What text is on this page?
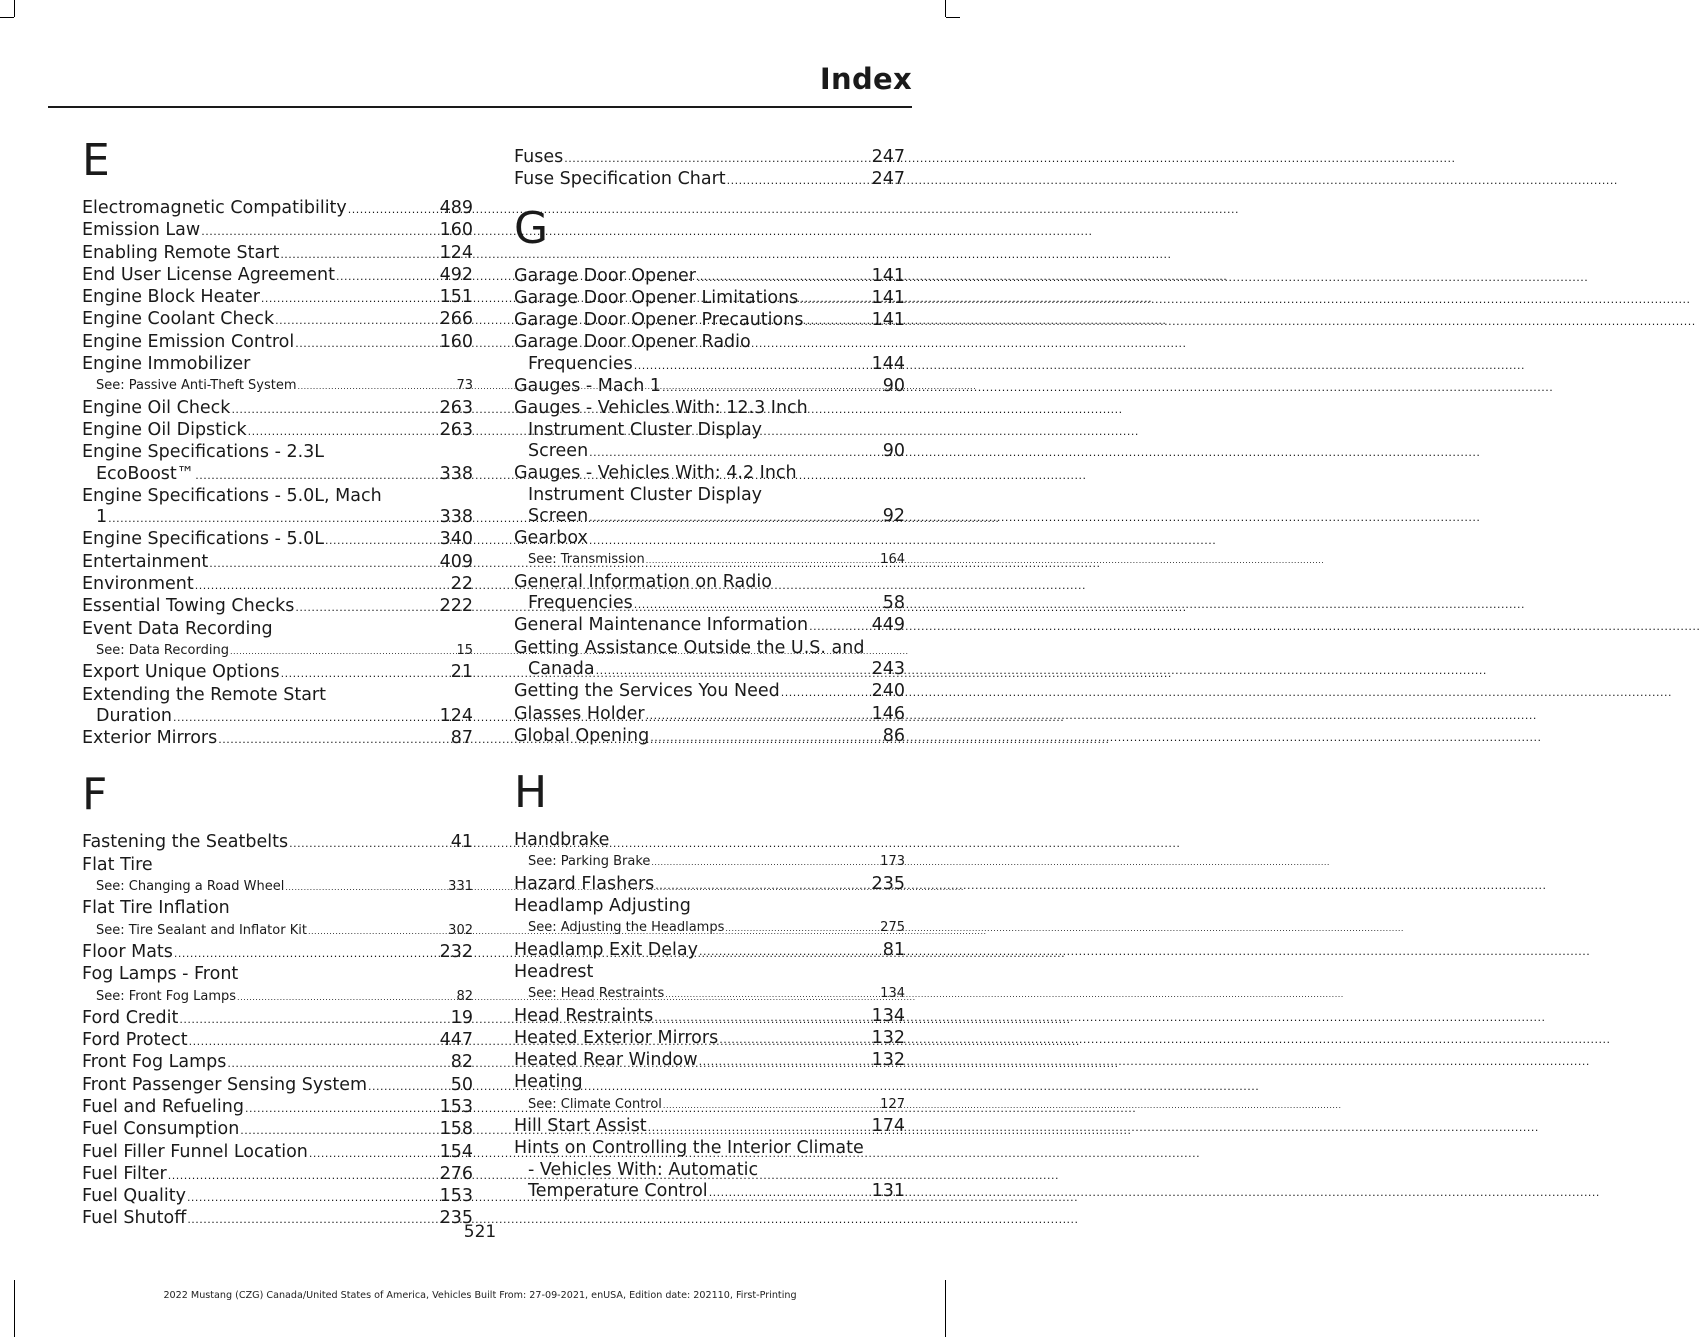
Index
E
Electromagnetic Compatibility .....	489
Emission Law .....	160
Enabling Remote Start .....	124
End User License Agreement .....	492
Engine Block Heater .....	151
Engine Coolant Check .....	266
Engine Emission Control .....	160
Engine Immobilizer
See: Passive Anti-Theft System .....	73
Engine Oil Check .....	263
Engine Oil Dipstick .....	263
Engine Specifications - 2.3L
EcoBoost™ .....	338
Engine Specifications - 5.0L, Mach
1 .....	338
Engine Specifications - 5.0L .....	340
Entertainment .....	409
Environment .....	22
Essential Towing Checks .....	222
Event Data Recording
See: Data Recording .....	15
Export Unique Options .....	21
Extending the Remote Start
Duration .....	124
Exterior Mirrors .....	87
F
Fastening the Seatbelts .....	41
Flat Tire
See: Changing a Road Wheel .....	331
Flat Tire Inflation
See: Tire Sealant and Inflator Kit .....	302
Floor Mats .....	232
Fog Lamps - Front
See: Front Fog Lamps .....	82
Ford Credit .....	19
Ford Protect .....	447
Front Fog Lamps .....	82
Front Passenger Sensing System .....	50
Fuel and Refueling .....	153
Fuel Consumption .....	158
Fuel Filler Funnel Location .....	154
Fuel Filter .....	276
Fuel Quality .....	153
Fuel Shutoff .....	235
Fuses .....	247
Fuse Specification Chart .....	247
G
Garage Door Opener .....	141
Garage Door Opener Limitations .....	141
Garage Door Opener Precautions .....	141
Garage Door Opener Radio
Frequencies .....	144
Gauges - Mach 1 .....	90
Gauges - Vehicles With: 12.3 Inch
Instrument Cluster Display
Screen .....	90
Gauges - Vehicles With: 4.2 Inch
Instrument Cluster Display
Screen .....	92
Gearbox
See: Transmission .....	164
General Information on Radio
Frequencies .....	58
General Maintenance Information .....	449
Getting Assistance Outside the U.S. and
Canada .....	243
Getting the Services You Need .....	240
Glasses Holder .....	146
Global Opening .....	86
H
Handbrake
See: Parking Brake .....	173
Hazard Flashers .....	235
Headlamp Adjusting
See: Adjusting the Headlamps .....	275
Headlamp Exit Delay .....	81
Headrest
See: Head Restraints .....	134
Head Restraints .....	134
Heated Exterior Mirrors .....	132
Heated Rear Window .....	132
Heating
See: Climate Control .....	127
Hill Start Assist .....	174
Hints on Controlling the Interior Climate
- Vehicles With: Automatic
Temperature Control .....	131
521
2022 Mustang (CZG) Canada/United States of America, Vehicles Built From: 27-09-2021, enUSA, Edition date: 202110, First-Printing
